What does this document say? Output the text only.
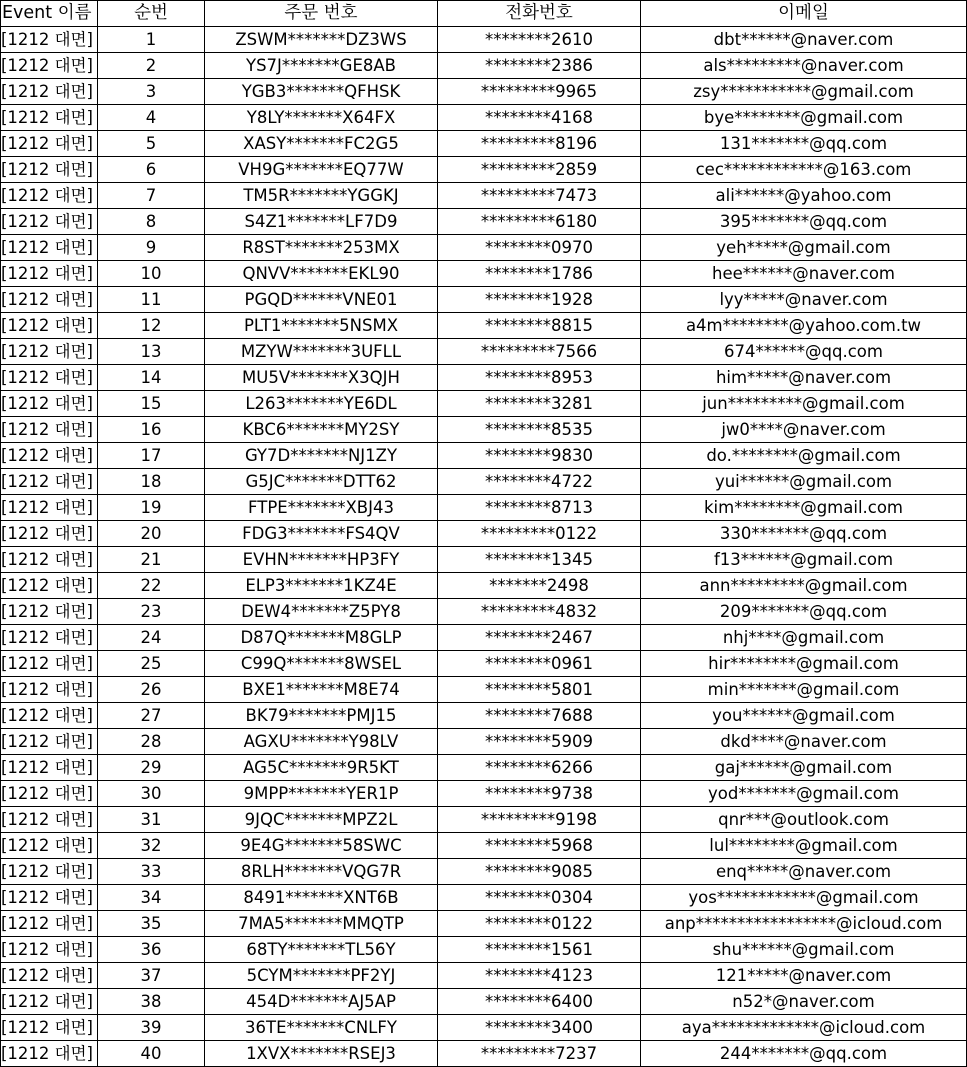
Event 이름	순번	주문 번호	전화번호	이메일
[1212 대면]	1	ZSWM*******DZ3WS	********2610	dbt******@naver.com
[1212 대면]	2	YS7J*******GE8AB	********2386	als*********@naver.com
[1212 대면]	3	YGB3*******QFHSK	*********9965	zsy***********@gmail.com
[1212 대면]	4	Y8LY*******X64FX	********4168	bye********@gmail.com
[1212 대면]	5	XASY*******FC2G5	*********8196	131*******@qq.com
[1212 대면]	6	VH9G*******EQ77W	*********2859	cec************@163.com
[1212 대면]	7	TM5R*******YGGKJ	*********7473	ali******@yahoo.com
[1212 대면]	8	S4Z1*******LF7D9	*********6180	395*******@qq.com
[1212 대면]	9	R8ST*******253MX	********0970	yeh*****@gmail.com
[1212 대면]	10	QNVV*******EKL90	********1786	hee******@naver.com
[1212 대면]	11	PGQD******VNE01	********1928	lyy*****@naver.com
[1212 대면]	12	PLT1*******5NSMX	********8815	a4m********@yahoo.com.tw
[1212 대면]	13	MZYW*******3UFLL	*********7566	674******@qq.com
[1212 대면]	14	MU5V*******X3QJH	********8953	him*****@naver.com
[1212 대면]	15	L263*******YE6DL	********3281	jun*********@gmail.com
[1212 대면]	16	KBC6*******MY2SY	********8535	jw0****@naver.com
[1212 대면]	17	GY7D*******NJ1ZY	********9830	do.********@gmail.com
[1212 대면]	18	G5JC*******DTT62	********4722	yui******@gmail.com
[1212 대면]	19	FTPE*******XBJ43	********8713	kim********@gmail.com
[1212 대면]	20	FDG3*******FS4QV	*********0122	330*******@qq.com
[1212 대면]	21	EVHN*******HP3FY	********1345	f13******@gmail.com
[1212 대면]	22	ELP3*******1KZ4E	*******2498	ann*********@gmail.com
[1212 대면]	23	DEW4*******Z5PY8	*********4832	209*******@qq.com
[1212 대면]	24	D87Q*******M8GLP	********2467	nhj****@gmail.com
[1212 대면]	25	C99Q*******8WSEL	********0961	hir********@gmail.com
[1212 대면]	26	BXE1*******M8E74	********5801	min*******@gmail.com
[1212 대면]	27	BK79*******PMJ15	********7688	you******@gmail.com
[1212 대면]	28	AGXU*******Y98LV	********5909	dkd****@naver.com
[1212 대면]	29	AG5C*******9R5KT	********6266	gaj******@gmail.com
[1212 대면]	30	9MPP*******YER1P	********9738	yod*******@gmail.com
[1212 대면]	31	9JQC*******MPZ2L	*********9198	qnr***@outlook.com
[1212 대면]	32	9E4G*******58SWC	********5968	lul********@gmail.com
[1212 대면]	33	8RLH*******VQG7R	********9085	enq*****@naver.com
[1212 대면]	34	8491*******XNT6B	********0304	yos************@gmail.com
[1212 대면]	35	7MA5*******MMQTP	********0122	anp*****************@icloud.com
[1212 대면]	36	68TY*******TL56Y	********1561	shu******@gmail.com
[1212 대면]	37	5CYM*******PF2YJ	********4123	121*****@naver.com
[1212 대면]	38	454D*******AJ5AP	********6400	n52*@naver.com
[1212 대면]	39	36TE*******CNLFY	********3400	aya*************@icloud.com
[1212 대면]	40	1XVX*******RSEJ3	*********7237	244*******@qq.com
